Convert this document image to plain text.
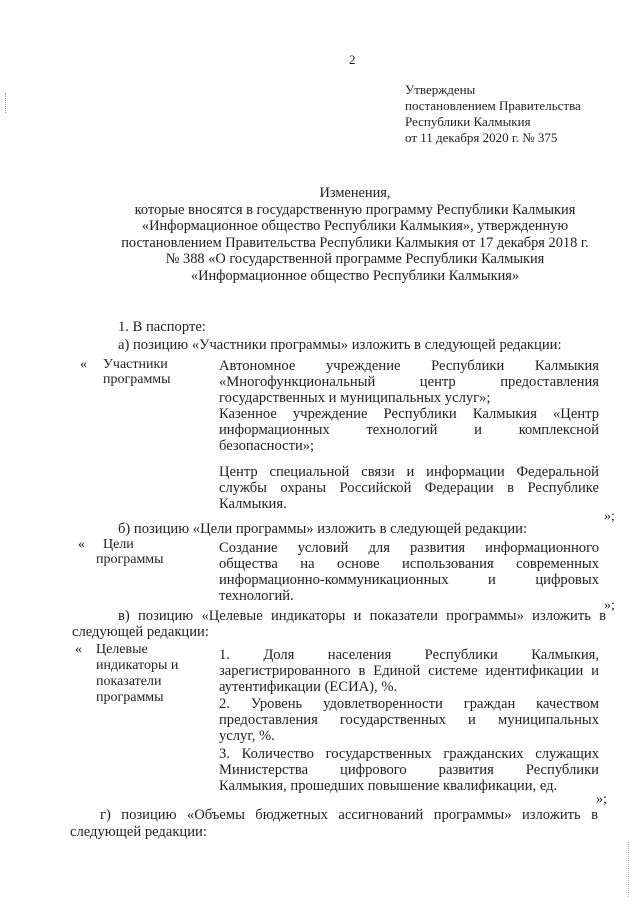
2
Утверждены
постановлением Правительства
Республики Калмыкия
от 11 декабря 2020 г. № 375
Изменения,
которые вносятся в государственную программу Республики Калмыкия
«Информационное общество Республики Калмыкия», утвержденную
постановлением Правительства Республики Калмыкия от 17 декабря 2018 г.
№ 388 «О государственной программе Республики Калмыкия
«Информационное общество Республики Калмыкия»
1. В паспорте:
а) позицию «Участники программы» изложить в следующей редакции:
« Участники
программы
Автономное учреждение Республики Калмыкия
«Многофункциональный центр предоставления
государственных и муниципальных услуг»;
Казенное учреждение Республики Калмыкия «Центр
информационных технологий и комплексной
безопасности»;
Центр специальной связи и информации Федеральной
службы охраны Российской Федерации в Республике
Калмыкия.
»;
б) позицию «Цели программы» изложить в следующей редакции:
« Цели
программы
Создание условий для развития информационного
общества на основе использования современных
информационно-коммуникационных и цифровых
технологий.
»;
в) позицию «Целевые индикаторы и показатели программы» изложить в
следующей редакции:
« Целевые
индикаторы и
показатели
программы
1. Доля населения Республики Калмыкия,
зарегистрированного в Единой системе идентификации и
аутентификации (ЕСИА), %.
2. Уровень удовлетворенности граждан качеством
предоставления государственных и муниципальных
услуг, %.
3. Количество государственных гражданских служащих
Министерства цифрового развития Республики
Калмыкия, прошедших повышение квалификации, ед.
»;
г) позицию «Объемы бюджетных ассигнований программы» изложить в
следующей редакции:
